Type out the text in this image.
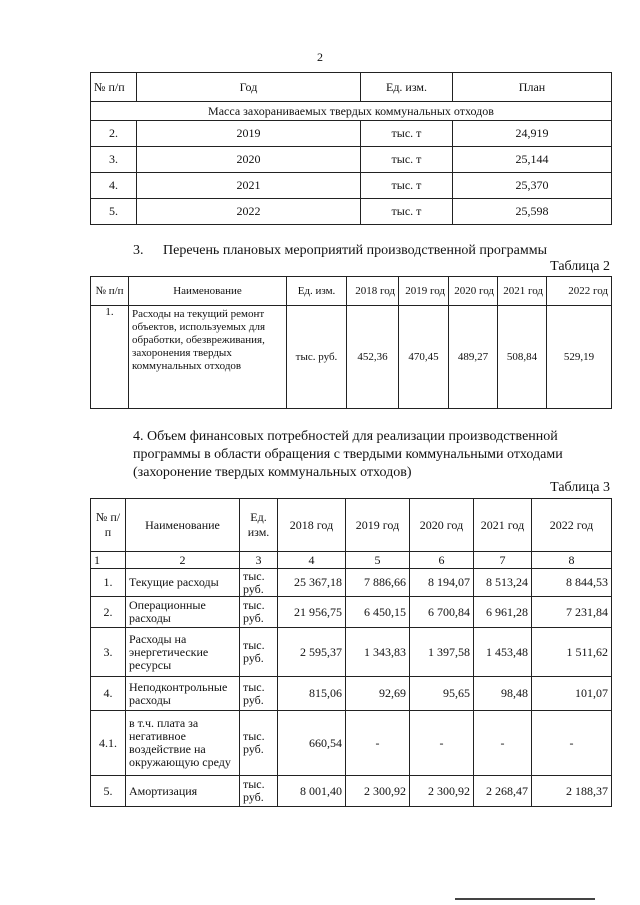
2
№ п/п	Год	Ед. изм.	План
Масса захораниваемых твердых коммунальных отходов			
2.	2019	тыс. т	24,919
3.	2020	тыс. т	25,144
4.	2021	тыс. т	25,370
5.	2022	тыс. т	25,598
3. Перечень плановых мероприятий производственной программы
Таблица 2
№ п/п	Наименование	Ед. изм.	2018 год	2019 год	2020 год	2021 год	2022 год
1.	Расходы на текущий ремонт объектов, используемых для обработки, обезвреживания, захоронения твердых коммунальных отходов	тыс. руб.	452,36	470,45	489,27	508,84	529,19
4. Объем финансовых потребностей для реализации производственной программы в области обращения с твердыми коммунальными отходами (захоронение твердых коммунальных отходов)
Таблица 3
№ п/п	Наименование	Ед. изм.	2018 год	2019 год	2020 год	2021 год	2022 год
1	2	3	4	5	6	7	8
1.	Текущие расходы	тыс. руб.	25 367,18	7 886,66	8 194,07	8 513,24	8 844,53
2.	Операционные расходы	тыс. руб.	21 956,75	6 450,15	6 700,84	6 961,28	7 231,84
3.	Расходы на энергетические ресурсы	тыс. руб.	2 595,37	1 343,83	1 397,58	1 453,48	1 511,62
4.	Неподконтрольные расходы	тыс. руб.	815,06	92,69	95,65	98,48	101,07
4.1.	в т.ч. плата за негативное воздействие на окружающую среду	тыс. руб.	660,54	-	-	-	-
5.	Амортизация	тыс. руб.	8 001,40	2 300,92	2 300,92	2 268,47	2 188,37
